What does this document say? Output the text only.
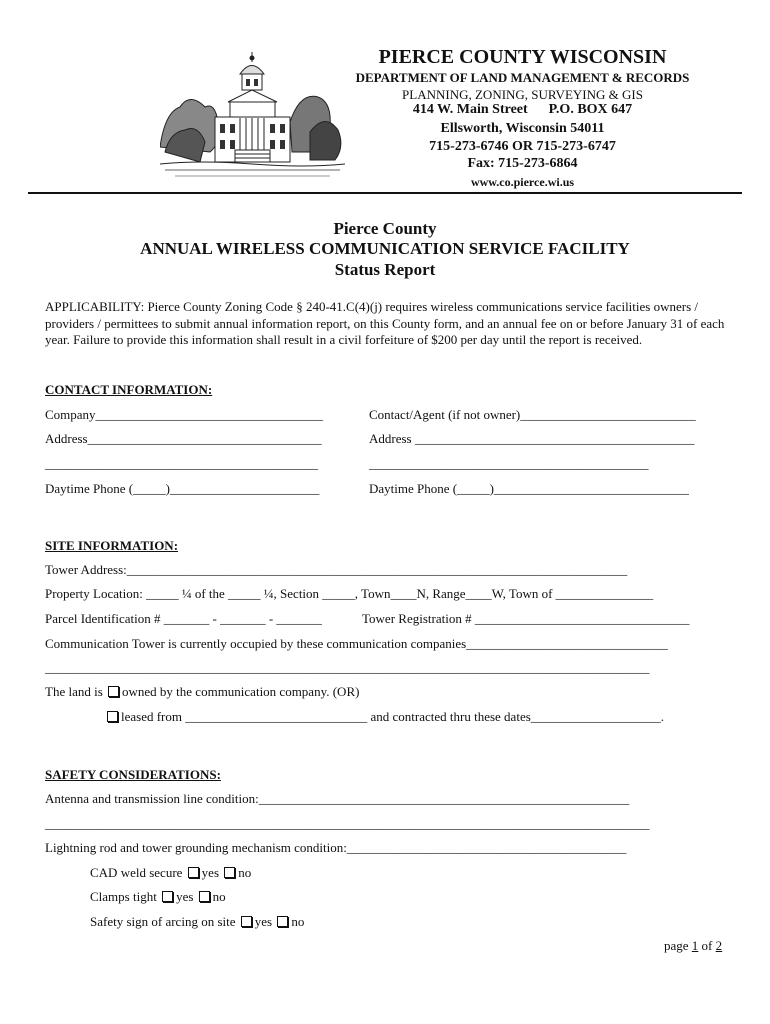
PIERCE COUNTY WISCONSIN
DEPARTMENT OF LAND MANAGEMENT & RECORDS
PLANNING, ZONING, SURVEYING & GIS
414 W. Main Street      P.O. BOX 647
Ellsworth, Wisconsin 54011
715-273-6746 OR 715-273-6747
Fax: 715-273-6864
www.co.pierce.wi.us
Pierce County
ANNUAL WIRELESS COMMUNICATION SERVICE FACILITY
Status Report
APPLICABILITY: Pierce County Zoning Code § 240-41.C(4)(j) requires wireless communications service facilities owners / providers / permittees to submit annual information report, on this County form, and an annual fee on or before January 31 of each year. Failure to provide this information shall result in a civil forfeiture of $200 per day until the report is received.
CONTACT INFORMATION:
Company___________________________________	Contact/Agent (if not owner)___________________________
Address____________________________________	Address ___________________________________________
__________________________________________	___________________________________________
Daytime Phone (_____)_______________________	Daytime Phone (_____)______________________________
SITE INFORMATION:
Tower Address:_____________________________________________________________________________
Property Location: _____ ¼ of the _____ ¼, Section _____, Town____N, Range____W, Town of _______________
Parcel Identification # _______ - _______ - _______	Tower Registration # _________________________________
Communication Tower is currently occupied by these communication companies_______________________________
_____________________________________________________________________________________________
The land is owned by the communication company. (OR)
leased from ____________________________ and contracted thru these dates____________________.
SAFETY CONSIDERATIONS:
Antenna and transmission line condition:_________________________________________________________
_____________________________________________________________________________________________
Lightning rod and tower grounding mechanism condition:___________________________________________
CAD weld secure yes no
Clamps tight yes no
Safety sign of arcing on site yes no
page 1 of 2
